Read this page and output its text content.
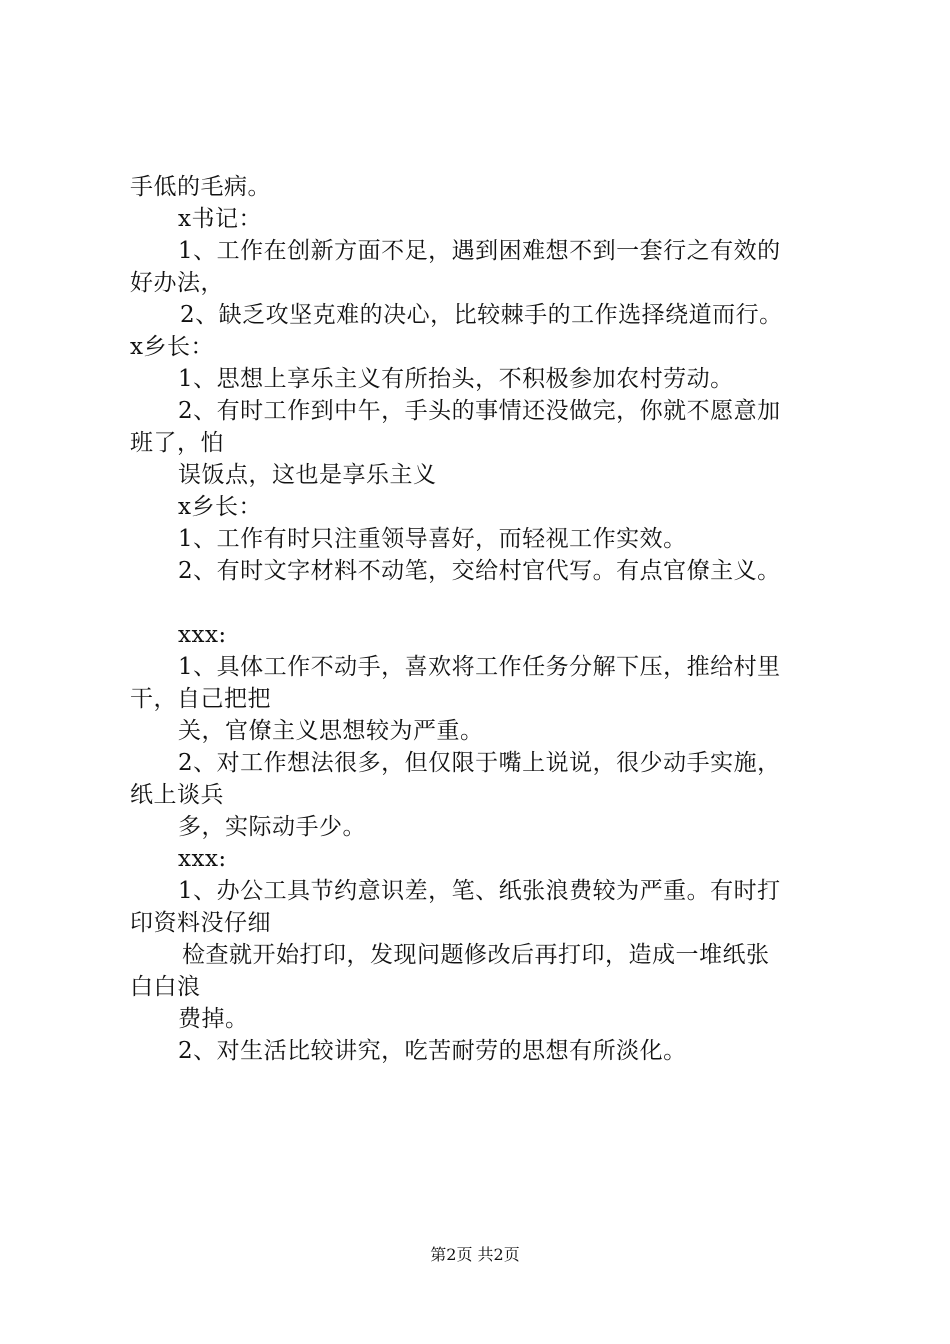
手低的毛病。
x书记：
1、工作在创新方面不足，遇到困难想不到一套行之有效的
好办法，
2、缺乏攻坚克难的决心，比较棘手的工作选择绕道而行。
x乡长：
1、思想上享乐主义有所抬头，不积极参加农村劳动。
2、有时工作到中午，手头的事情还没做完，你就不愿意加
班了，怕
误饭点，这也是享乐主义
x乡长：
1、工作有时只注重领导喜好，而轻视工作实效。
2、有时文字材料不动笔，交给村官代写。有点官僚主义。
xxx:
1、具体工作不动手，喜欢将工作任务分解下压，推给村里
干，自己把把
关，官僚主义思想较为严重。
2、对工作想法很多，但仅限于嘴上说说，很少动手实施，
纸上谈兵
多，实际动手少。
xxx:
1、办公工具节约意识差，笔、纸张浪费较为严重。有时打
印资料没仔细
检查就开始打印，发现问题修改后再打印，造成一堆纸张
白白浪
费掉。
2、对生活比较讲究，吃苦耐劳的思想有所淡化。
第2页 共2页
